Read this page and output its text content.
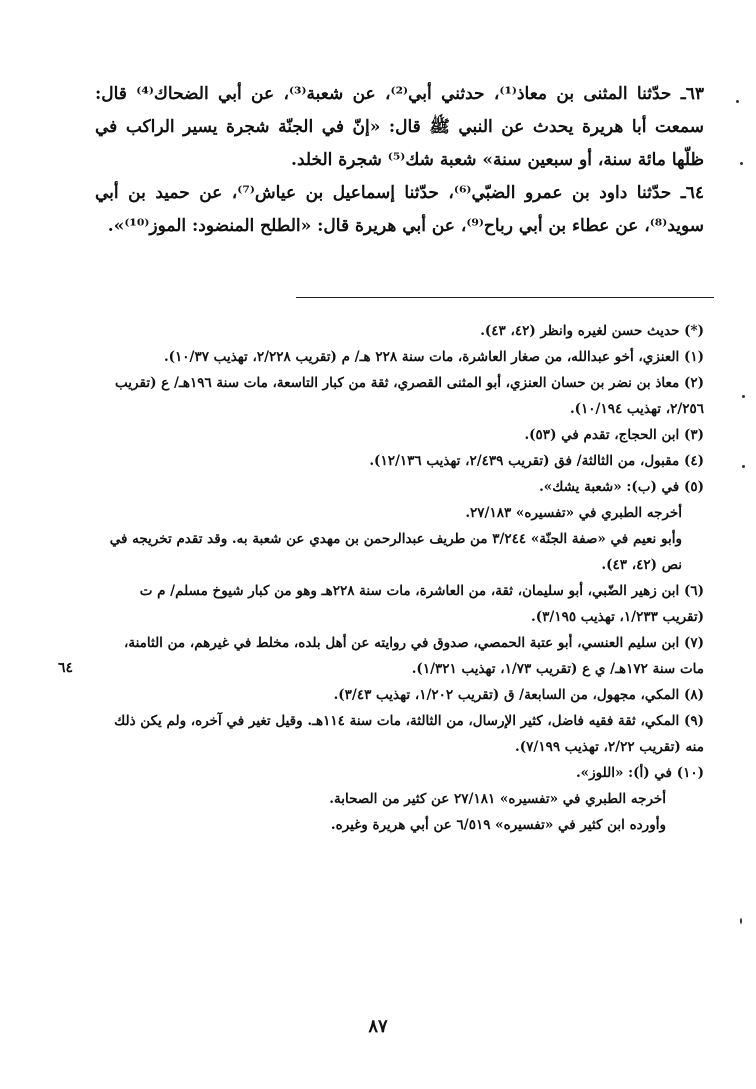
٦٣ـ حدّثنا المثنى بن معاذ⁽¹⁾، حدثني أبي⁽²⁾، عن شعبة⁽³⁾، عن أبي الضحاك⁽⁴⁾ قال: سمعت أبا هريرة يحدث عن النبي ﷺ قال: «إنّ في الجنّة شجرة يسير الراكب في ظلّها مائة سنة، أو سبعين سنة» شعبة شك⁽⁵⁾ شجرة الخلد.

٦٤ـ حدّثنا داود بن عمرو الضبّي⁽⁶⁾، حدّثنا إسماعيل بن عياش⁽⁷⁾، عن حميد بن أبي سويد⁽⁸⁾، عن عطاء بن أبي رباح⁽⁹⁾، عن أبي هريرة قال: «الطلح المنضود: الموز⁽¹⁰⁾».

(*) حديث حسن لغيره وانظر (٤٢، ٤٣).

(١) العنزي، أخو عبدالله، من صغار العاشرة، مات سنة ٢٢٨ هـ/ م (تقريب ٢/٢٢٨، تهذيب ١٠/٣٧).

(٢) معاذ بن نضر بن حسان العنزي، أبو المثنى القصري، ثقة من كبار التاسعة، مات سنة ١٩٦هـ/ ع (تقريب ٢/٢٥٦، تهذيب ١٠/١٩٤).

(٣) ابن الحجاج، تقدم في (٥٣).

(٤) مقبول، من الثالثة/ فق (تقريب ٢/٤٣٩، تهذيب ١٢/١٣٦).

(٥) في (ب): «شعبة يشك».

أخرجه الطبري في «تفسيره» ٢٧/١٨٣.

وأبو نعيم في «صفة الجنّة» ٣/٢٤٤ من طريف عبدالرحمن بن مهدي عن شعبة به. وقد تقدم تخريجه في نص (٤٢، ٤٣).

(٦) ابن زهير الضّبي، أبو سليمان، ثقة، من العاشرة، مات سنة ٢٢٨هـ وهو من كبار شيوخ مسلم/ م ت (تقريب ١/٢٣٣، تهذيب ٣/١٩٥).

(٧) ابن سليم العنسي، أبو عتبة الحمصي، صدوق في روايته عن أهل بلده، مخلط في غيرهم، من الثامنة، مات سنة ١٧٢هـ/ ي ع (تقريب ١/٧٣، تهذيب ١/٣٢١).

(٨) المكي، مجهول، من السابعة/ ق (تقريب ١/٢٠٢، تهذيب ٣/٤٣).

(٩) المكي، ثقة فقيه فاضل، كثير الإرسال، من الثالثة، مات سنة ١١٤هـ. وقيل تغير في آخره، ولم يكن ذلك منه (تقريب ٢/٢٢، تهذيب ٧/١٩٩).

(١٠) في (أ): «اللوز».

أخرجه الطبري في «تفسيره» ٢٧/١٨١ عن كثير من الصحابة.

وأورده ابن كثير في «تفسيره» ٦/٥١٩ عن أبي هريرة وغيره.

٦٤
٨٧
